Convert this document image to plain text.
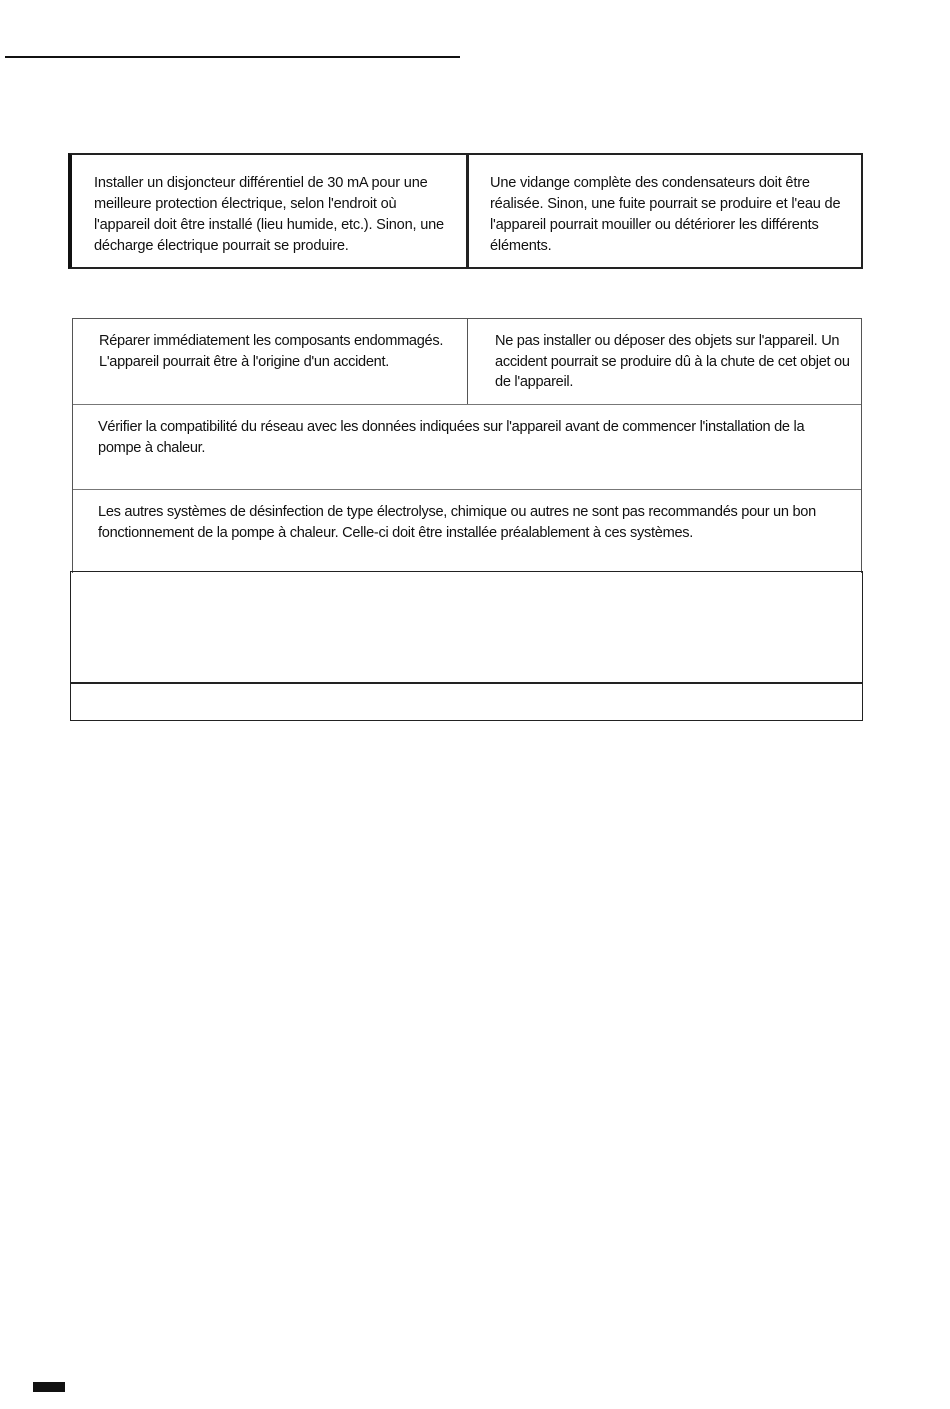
Installer un disjoncteur différentiel de 30 mA pour une meilleure protection électrique, selon l'endroit où l'appareil doit être installé (lieu humide, etc.). Sinon, une décharge électrique pourrait se produire.
Une vidange complète des condensateurs doit être réalisée. Sinon, une fuite pourrait se produire et l'eau de l'appareil pourrait mouiller ou détériorer les différents éléments.
Réparer immédiatement les composants endommagés. L'appareil pourrait être à l'origine d'un accident.
Ne pas installer ou déposer des objets sur l'appareil. Un accident pourrait se produire dû à la chute de cet objet ou de l'appareil.
Vérifier la compatibilité du réseau avec les données indiquées sur l'appareil avant de commencer l'installation de la pompe à chaleur.
Les autres systèmes de désinfection de type électrolyse, chimique ou autres ne sont pas recommandés pour un bon fonctionnement de la pompe à chaleur. Celle-ci doit être installée préalablement à ces systèmes.
